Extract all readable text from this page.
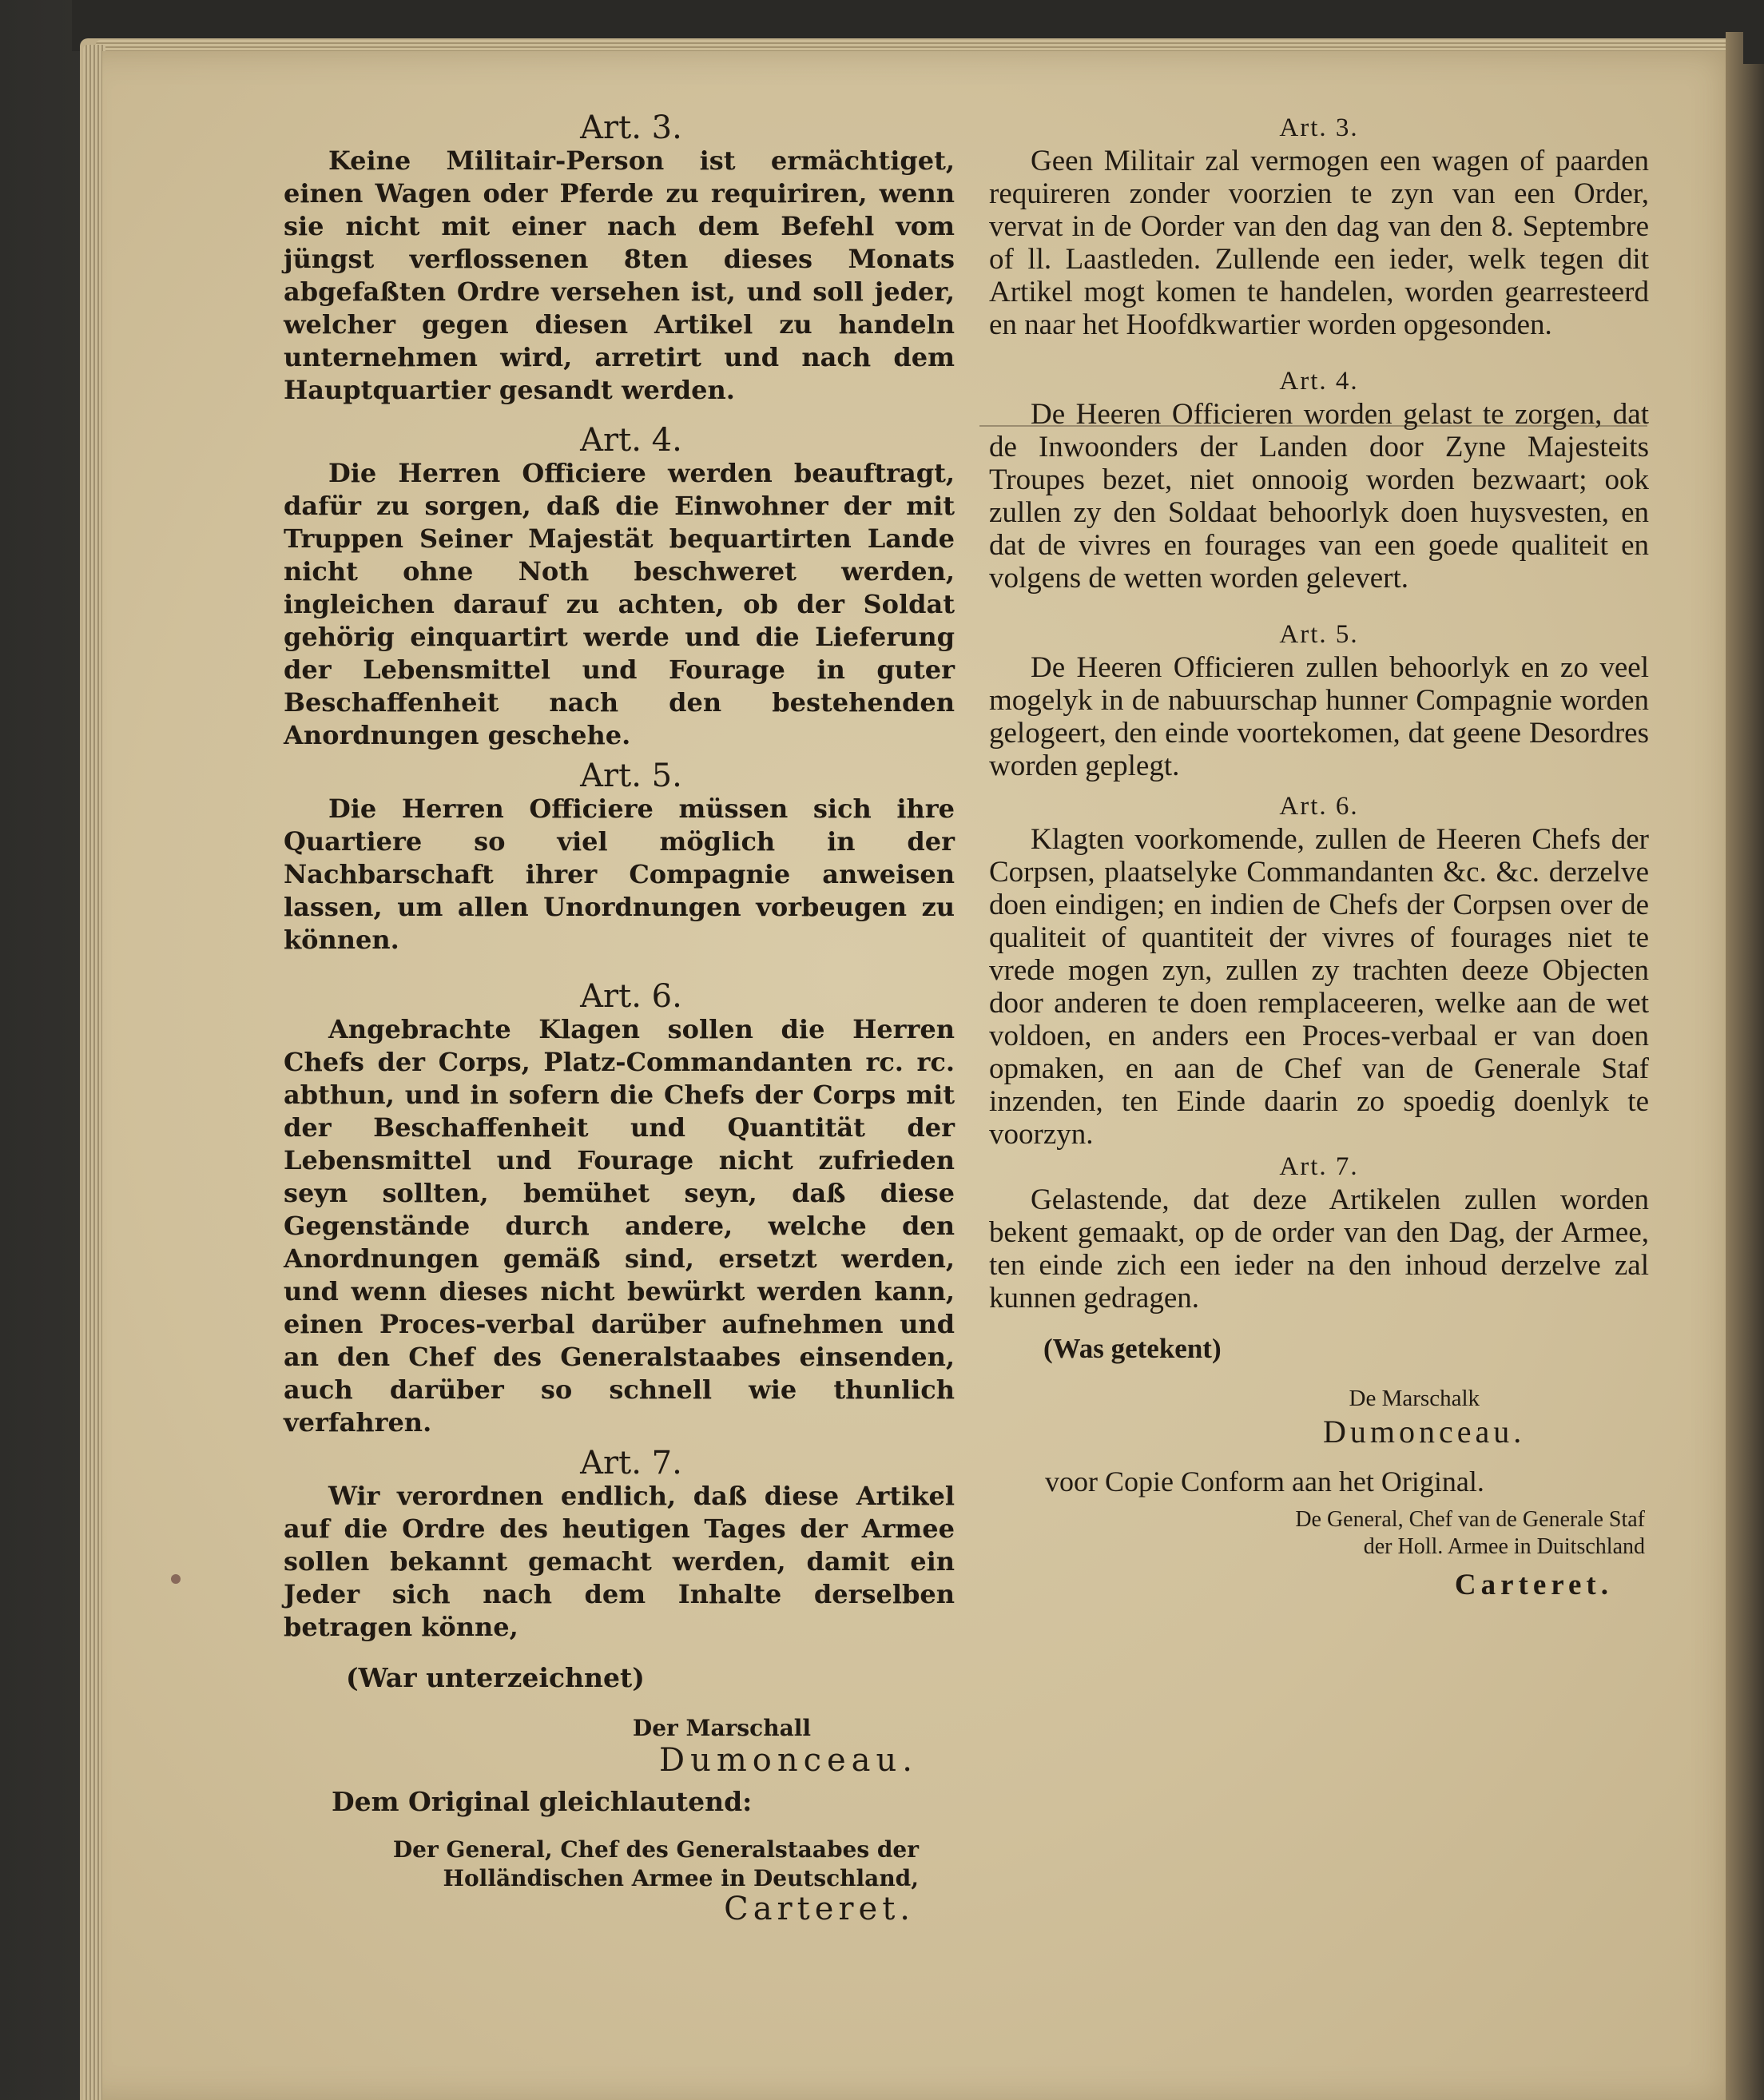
Art. 3.

Keine Militair-Person ist ermächtiget, einen Wagen oder Pferde zu requiriren, wenn sie nicht mit einer nach dem Befehl vom jüngst verflossenen 8ten dieses Monats abgefaßten Ordre versehen ist, und soll jeder, welcher gegen diesen Artikel zu handeln unternehmen wird, arretirt und nach dem Hauptquartier gesandt werden.

Art. 4.

Die Herren Officiere werden beauftragt, dafür zu sorgen, daß die Einwohner der mit Truppen Seiner Majestät bequartirten Lande nicht ohne Noth beschweret werden, ingleichen darauf zu achten, ob der Soldat gehörig einquartirt werde und die Lieferung der Lebensmittel und Fourage in guter Beschaffenheit nach den bestehenden Anordnungen geschehe.

Art. 5.

Die Herren Officiere müssen sich ihre Quartiere so viel möglich in der Nachbarschaft ihrer Compagnie anweisen lassen, um allen Unordnungen vorbeugen zu können.

Art. 6.

Angebrachte Klagen sollen die Herren Chefs der Corps, Platz-Commandanten rc. rc. abthun, und in sofern die Chefs der Corps mit der Beschaffenheit und Quantität der Lebensmittel und Fourage nicht zufrieden seyn sollten, bemühet seyn, daß diese Gegenstände durch andere, welche den Anordnungen gemäß sind, ersetzt werden, und wenn dieses nicht bewürkt werden kann, einen Proces-verbal darüber aufnehmen und an den Chef des Generalstaabes einsenden, auch darüber so schnell wie thunlich verfahren.

Art. 7.

Wir verordnen endlich, daß diese Artikel auf die Ordre des heutigen Tages der Armee sollen bekannt gemacht werden, damit ein Jeder sich nach dem Inhalte derselben betragen könne,

(War unterzeichnet)

Der Marschall

Dumonceau.

Dem Original gleichlautend:

Der General, Chef des Generalstaabes der

Holländischen Armee in Deutschland,

Carteret.

Art. 3.

Geen Militair zal vermogen een wagen of paarden requireren zonder voorzien te zyn van een Order, vervat in de Oorder van den dag van den 8. Septembre of ll. Laastleden. Zullende een ieder, welk tegen dit Artikel mogt komen te handelen, worden gearresteerd en naar het Hoofdkwartier worden opgesonden.

Art. 4.

De Heeren Officieren worden gelast te zorgen, dat de Inwoonders der Landen door Zyne Majesteits Troupes bezet, niet onnooig worden bezwaart; ook zullen zy den Soldaat behoorlyk doen huysvesten, en dat de vivres en fourages van een goede qualiteit en volgens de wetten worden gelevert.

Art. 5.

De Heeren Officieren zullen behoorlyk en zo veel mogelyk in de nabuurschap hunner Compagnie worden gelogeert, den einde voortekomen, dat geene Desordres worden geplegt.

Art. 6.

Klagten voorkomende, zullen de Heeren Chefs der Corpsen, plaatselyke Commandanten &c. &c. derzelve doen eindigen; en indien de Chefs der Corpsen over de qualiteit of quantiteit der vivres of fourages niet te vrede mogen zyn, zullen zy trachten deeze Objecten door anderen te doen remplaceeren, welke aan de wet voldoen, en anders een Proces-verbaal er van doen opmaken, en aan de Chef van de Generale Staf inzenden, ten Einde daarin zo spoedig doenlyk te voorzyn.

Art. 7.

Gelastende, dat deze Artikelen zullen worden bekent gemaakt, op de order van den Dag, der Armee, ten einde zich een ieder na den inhoud derzelve zal kunnen gedragen.

(Was getekent)

De Marschalk

Dumonceau.

voor Copie Conform aan het Original.

De General, Chef van de Generale Staf

der Holl. Armee in Duitschland

Carteret.
